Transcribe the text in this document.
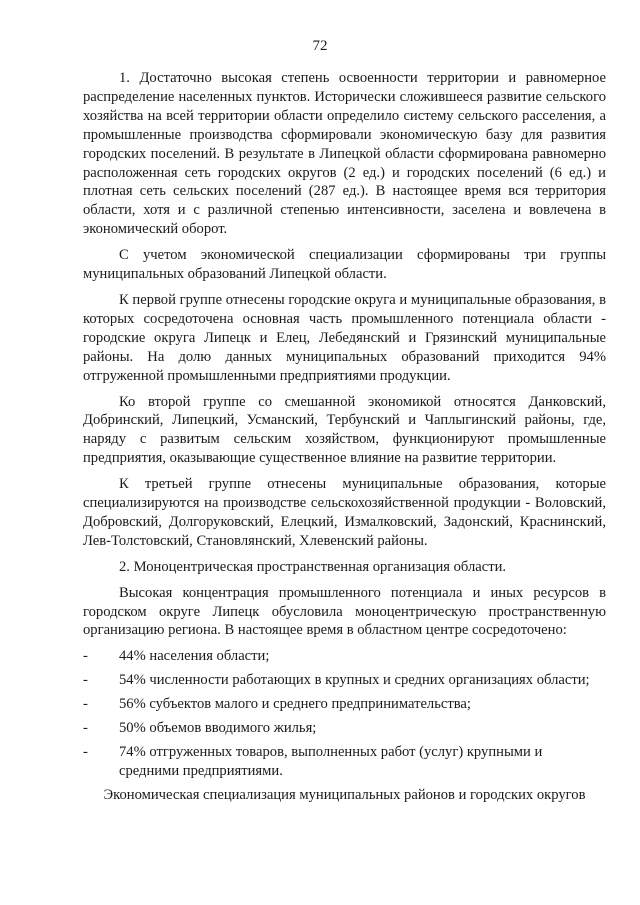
72

1. Достаточно высокая степень освоенности территории и равномерное распределение населенных пунктов. Исторически сложившееся развитие сельского хозяйства на всей территории области определило систему сельского расселения, а промышленные производства сформировали экономическую базу для развития городских поселений. В результате в Липецкой области сформирована равномерно расположенная сеть городских округов (2 ед.) и городских поселений (6 ед.) и плотная сеть сельских поселений (287 ед.). В настоящее время вся территория области, хотя и с различной степенью интенсивности, заселена и вовлечена в экономический оборот.

С учетом экономической специализации сформированы три группы муниципальных образований Липецкой области.

К первой группе отнесены городские округа и муниципальные образования, в которых сосредоточена основная часть промышленного потенциала области - городские округа Липецк и Елец, Лебедянский и Грязинский муниципальные районы. На долю данных муниципальных образований приходится 94% отгруженной промышленными предприятиями продукции.

Ко второй группе со смешанной экономикой относятся Данковский, Добринский, Липецкий, Усманский, Тербунский и Чаплыгинский районы, где, наряду с развитым сельским хозяйством, функционируют промышленные предприятия, оказывающие существенное влияние на развитие территории.

К третьей группе отнесены муниципальные образования, которые специализируются на производстве сельскохозяйственной продукции - Воловский, Добровский, Долгоруковский, Елецкий, Измалковский, Задонский, Краснинский, Лев-Толстовский, Становлянский, Хлевенский районы.

2. Моноцентрическая пространственная организация области.

Высокая концентрация промышленного потенциала и иных ресурсов в городском округе Липецк обусловила моноцентрическую пространственную организацию региона. В настоящее время в областном центре сосредоточено:

-	44% населения области;
-	54% численности работающих в крупных и средних организациях области;
-	56% субъектов малого и среднего предпринимательства;
-	50% объемов вводимого жилья;
-	74% отгруженных товаров, выполненных работ (услуг) крупными и средними предприятиями.

Экономическая специализация муниципальных районов и городских округов
